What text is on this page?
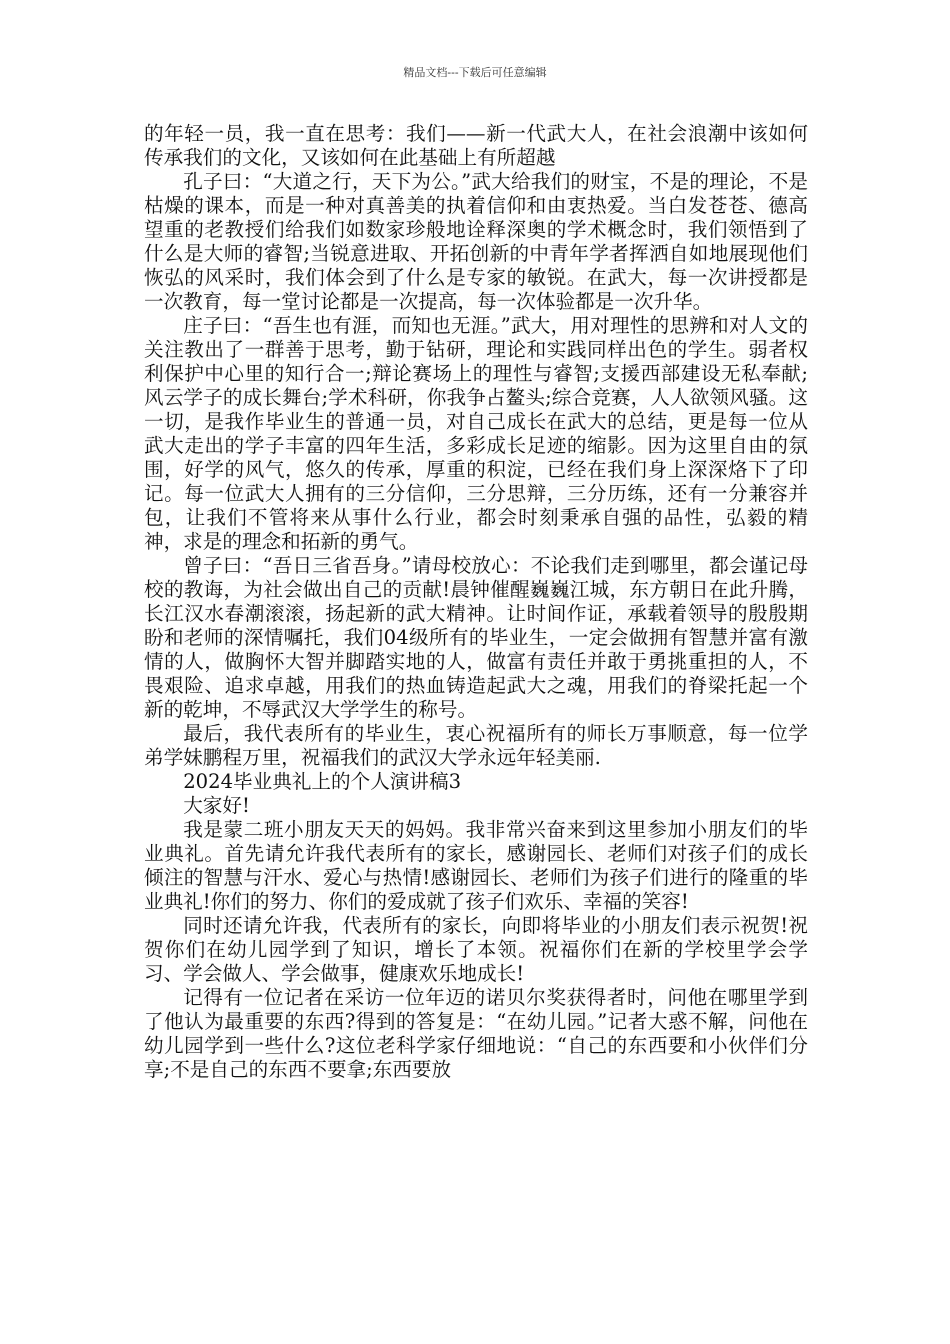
精品文档---下载后可任意编辑

的年轻一员，我一直在思考：我们——新一代武大人，在社会浪潮中该如何传承我们的文化，又该如何在此基础上有所超越

孔子曰：“大道之行，天下为公。”武大给我们的财宝，不是的理论，不是枯燥的课本，而是一种对真善美的执着信仰和由衷热爱。当白发苍苍、德高望重的老教授们给我们如数家珍般地诠释深奥的学术概念时，我们领悟到了什么是大师的睿智;当锐意进取、开拓创新的中青年学者挥洒自如地展现他们恢弘的风采时，我们体会到了什么是专家的敏锐。在武大，每一次讲授都是一次教育，每一堂讨论都是一次提高，每一次体验都是一次升华。

庄子曰：“吾生也有涯，而知也无涯。”武大，用对理性的思辨和对人文的关注教出了一群善于思考，勤于钻研，理论和实践同样出色的学生。弱者权利保护中心里的知行合一;辩论赛场上的理性与睿智;支援西部建设无私奉献;风云学子的成长舞台;学术科研，你我争占鳌头;综合竞赛，人人欲领风骚。这一切，是我作毕业生的普通一员，对自己成长在武大的总结，更是每一位从武大走出的学子丰富的四年生活，多彩成长足迹的缩影。因为这里自由的氛围，好学的风气，悠久的传承，厚重的积淀，已经在我们身上深深烙下了印记。每一位武大人拥有的三分信仰，三分思辩，三分历练，还有一分兼容并包，让我们不管将来从事什么行业，都会时刻秉承自强的品性，弘毅的精神，求是的理念和拓新的勇气。

曾子曰：“吾日三省吾身。”请母校放心：不论我们走到哪里，都会谨记母校的教诲，为社会做出自己的贡献!晨钟催醒巍巍江城，东方朝日在此升腾，长江汉水春潮滚滚，扬起新的武大精神。让时间作证，承载着领导的殷殷期盼和老师的深情嘱托，我们04级所有的毕业生，一定会做拥有智慧并富有激情的人，做胸怀大智并脚踏实地的人，做富有责任并敢于勇挑重担的人，不畏艰险、追求卓越，用我们的热血铸造起武大之魂，用我们的脊梁托起一个新的乾坤，不辱武汉大学学生的称号。

最后，我代表所有的毕业生，衷心祝福所有的师长万事顺意，每一位学弟学妹鹏程万里，祝福我们的武汉大学永远年轻美丽.

2024毕业典礼上的个人演讲稿3

大家好!

我是蒙二班小朋友天天的妈妈。我非常兴奋来到这里参加小朋友们的毕业典礼。首先请允许我代表所有的家长，感谢园长、老师们对孩子们的成长倾注的智慧与汗水、爱心与热情!感谢园长、老师们为孩子们进行的隆重的毕业典礼!你们的努力、你们的爱成就了孩子们欢乐、幸福的笑容!

同时还请允许我，代表所有的家长，向即将毕业的小朋友们表示祝贺!祝贺你们在幼儿园学到了知识，增长了本领。祝福你们在新的学校里学会学习、学会做人、学会做事，健康欢乐地成长!

记得有一位记者在采访一位年迈的诺贝尔奖获得者时，问他在哪里学到了他认为最重要的东西?得到的答复是：“在幼儿园。”记者大惑不解，问他在幼儿园学到一些什么?这位老科学家仔细地说：“自己的东西要和小伙伴们分享;不是自己的东西不要拿;东西要放
